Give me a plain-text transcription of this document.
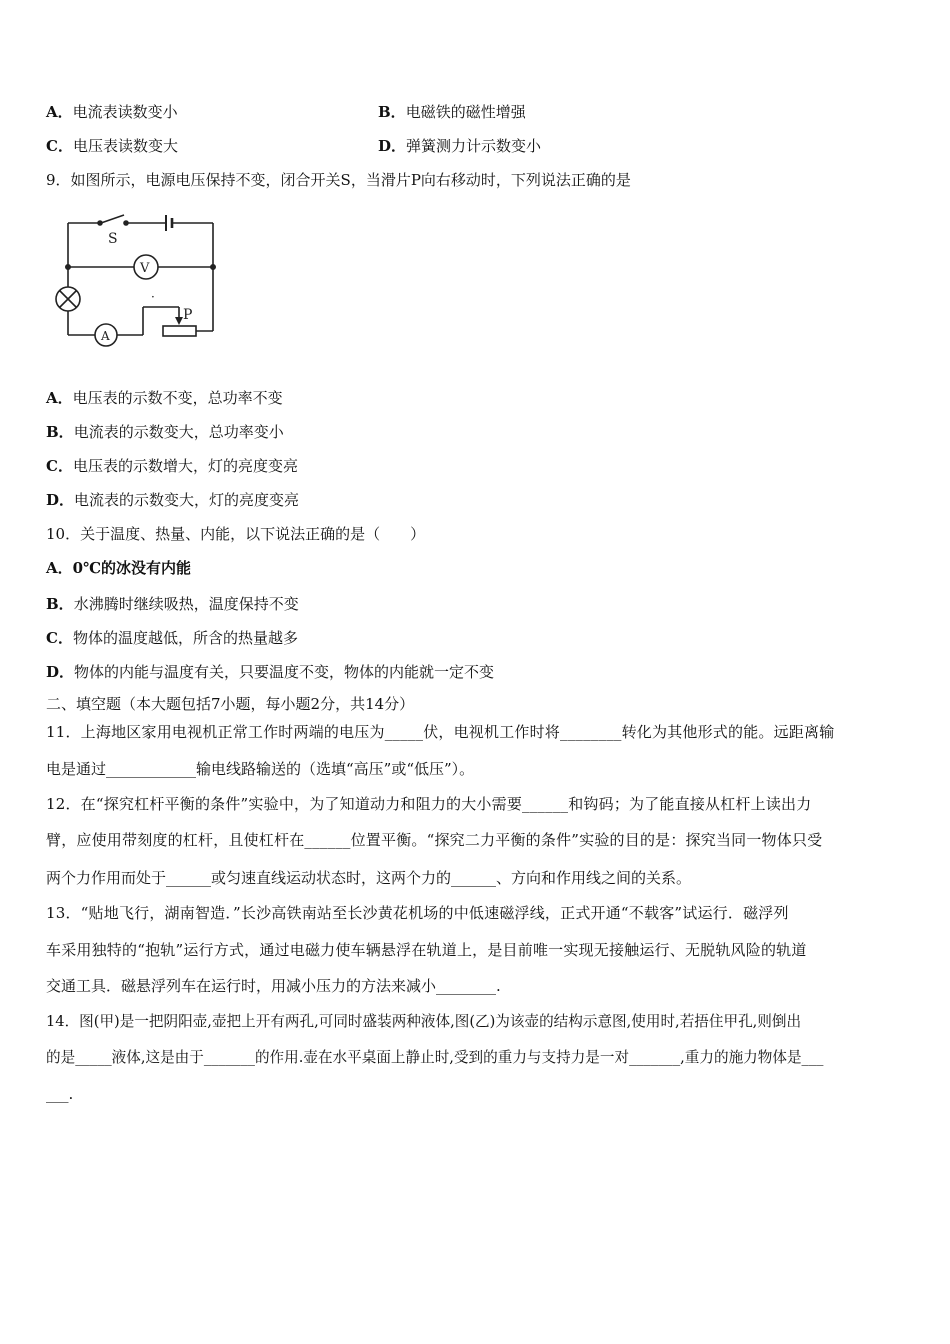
A．电流表读数变小	B．电磁铁的磁性增强
C．电压表读数变大	D．弹簧测力计示数变小
9．如图所示，电源电压保持不变，闭合开关S，当滑片P向右移动时，下列说法正确的是
S
V
A
P
·
A．电压表的示数不变，总功率不变
B．电流表的示数变大，总功率变小
C．电压表的示数增大，灯的亮度变亮
D．电流表的示数变大，灯的亮度变亮
10．关于温度、热量、内能，以下说法正确的是（　　）
A．0℃的冰没有内能
B．水沸腾时继续吸热，温度保持不变
C．物体的温度越低，所含的热量越多
D．物体的内能与温度有关，只要温度不变，物体的内能就一定不变
二、填空题（本大题包括7小题，每小题2分，共14分）
11．上海地区家用电视机正常工作时两端的电压为_____伏，电视机工作时将________转化为其他形式的能。远距离输
电是通过____________输电线路输送的（选填“高压”或“低压”）。
12．在“探究杠杆平衡的条件”实验中，为了知道动力和阻力的大小需要______和钩码；为了能直接从杠杆上读出力
臂，应使用带刻度的杠杆，且使杠杆在______位置平衡。“探究二力平衡的条件”实验的目的是：探究当同一物体只受
两个力作用而处于______或匀速直线运动状态时，这两个力的______、方向和作用线之间的关系。
13．“贴地飞行，湖南智造．”长沙高铁南站至长沙黄花机场的中低速磁浮线，正式开通“不载客”试运行．磁浮列
车采用独特的“抱轨”运行方式，通过电磁力使车辆悬浮在轨道上，是目前唯一实现无接触运行、无脱轨风险的轨道
交通工具．磁悬浮列车在运行时，用减小压力的方法来减小________.
14．图(甲)是一把阴阳壶,壶把上开有两孔,可同时盛装两种液体,图(乙)为该壶的结构示意图,使用时,若捂住甲孔,则倒出
的是_____液体,这是由于_______的作用.壶在水平桌面上静止时,受到的重力与支持力是一对_______,重力的施力物体是___
___.
